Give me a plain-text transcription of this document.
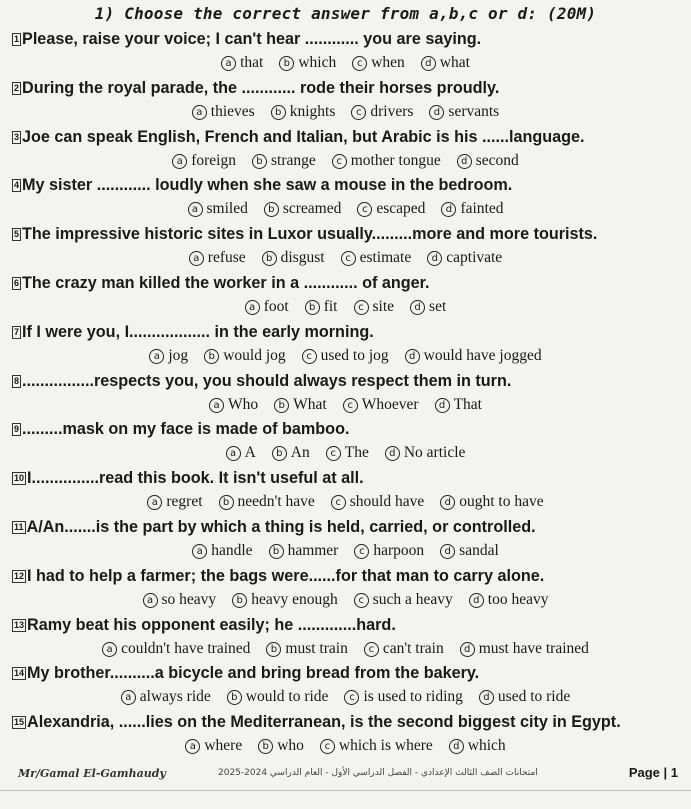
1) Choose the correct answer from a,b,c or d: (20M)
1 Please, raise your voice; I can't hear ............ you are saying.
a that b which c when d what
2 During the royal parade, the ............ rode their horses proudly.
a thieves b knights c drivers d servants
3 Joe can speak English, French and Italian, but Arabic is his ......language.
a foreign b strange c mother tongue d second
4 My sister ............ loudly when she saw a mouse in the bedroom.
a smiled b screamed c escaped d fainted
5 The impressive historic sites in Luxor usually.........more and more tourists.
a refuse b disgust c estimate d captivate
6 The crazy man killed the worker in a ............ of anger.
a foot b fit c site d set
7 If I were you, I.................. in the early morning.
a jog b would jog c used to jog d would have jogged
8 ................respects you, you should always respect them in turn.
a Who b What c Whoever d That
9 .........mask on my face is made of bamboo.
a A b An c The d No article
10 I...............read this book. It isn't useful at all.
a regret b needn't have c should have d ought to have
11 A/An.......is the part by which a thing is held, carried, or controlled.
a handle b hammer c harpoon d sandal
12 I had to help a farmer; the bags were......for that man to carry alone.
a so heavy b heavy enough c such a heavy d too heavy
13 Ramy beat his opponent easily; he .............hard.
a couldn't have trained b must train c can't train d must have trained
14 My brother..........a bicycle and bring bread from the bakery.
a always ride b would to ride c is used to riding d used to ride
15 Alexandria, ......lies on the Mediterranean, is the second biggest city in Egypt.
a where b who c which is where d which
Mr/Gamal El-Gamhaudy	امتحانات الصف الثالث الإعدادي - الفصل الدراسي الأول - العام الدراسي 2024-2025	Page | 1
